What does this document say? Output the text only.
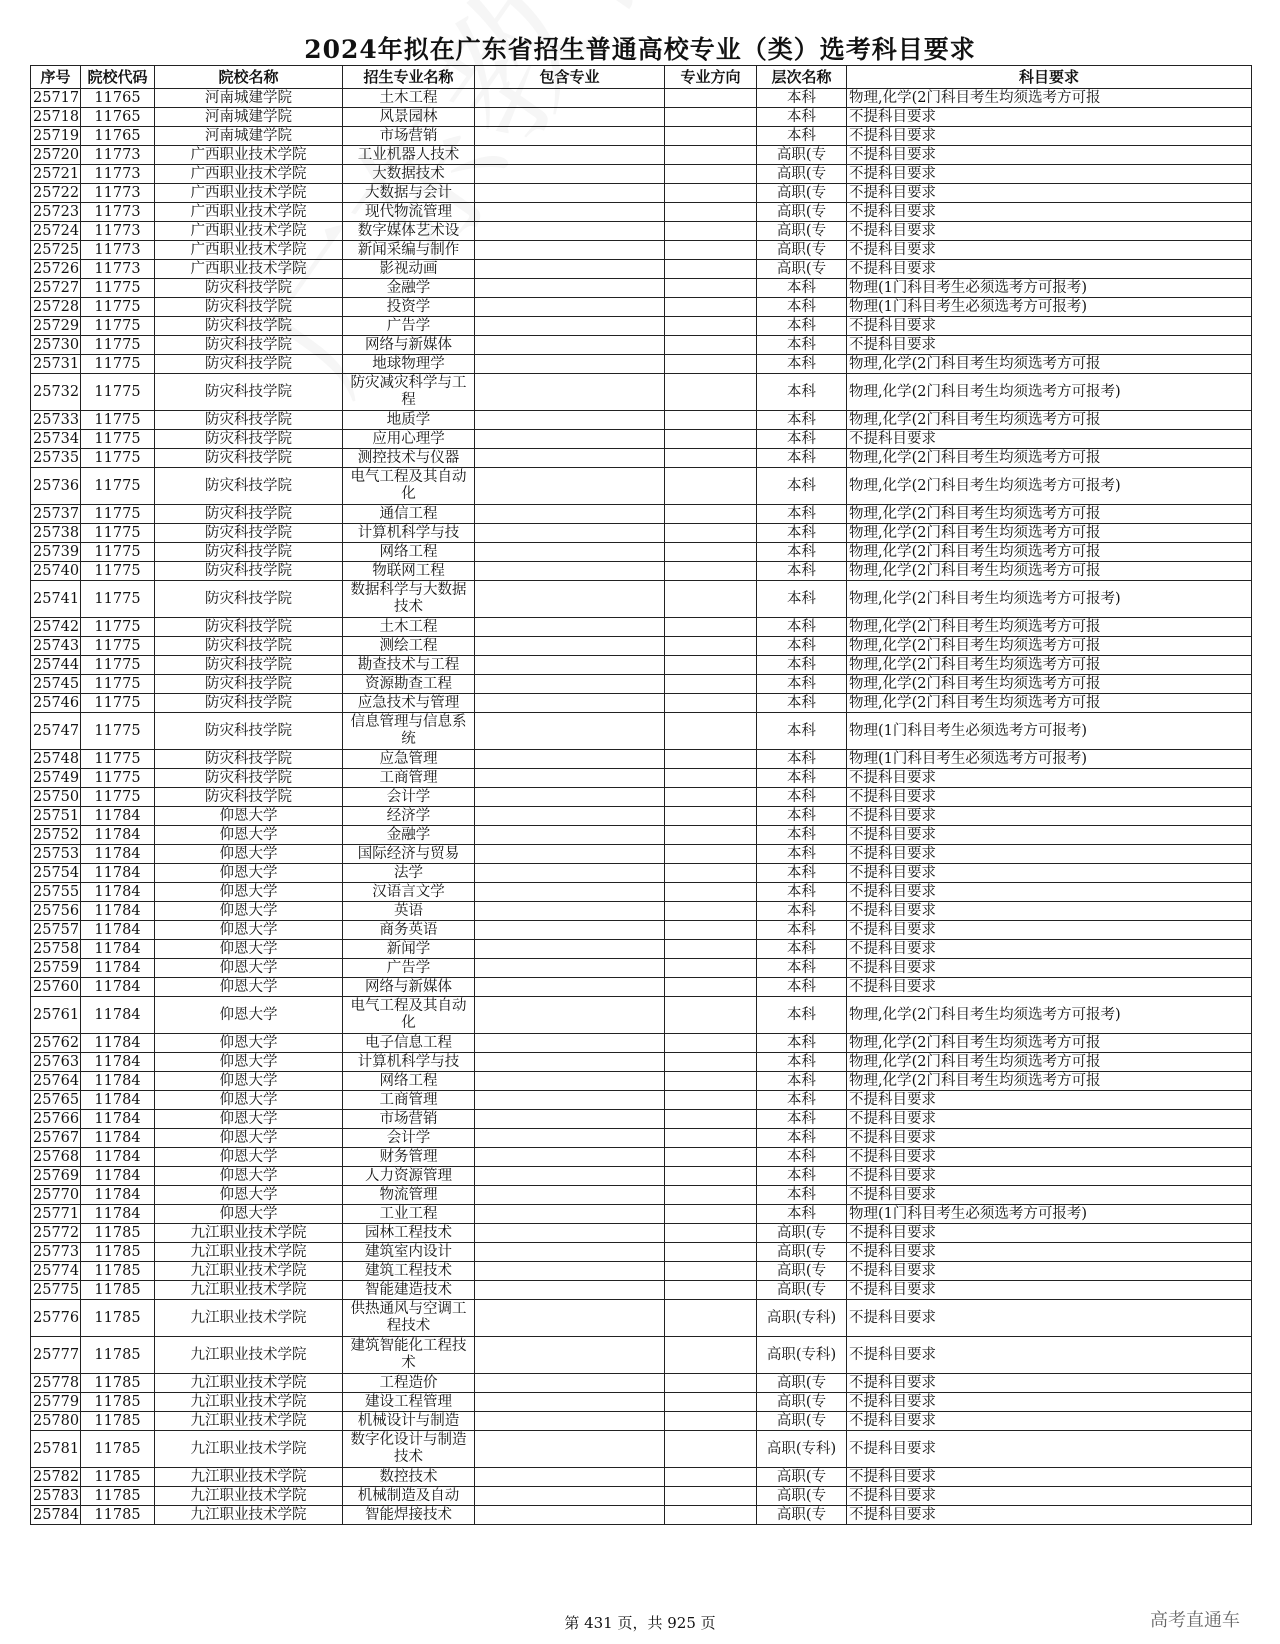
2024年拟在广东省招生普通高校专业（类）选考科目要求
序号	院校代码	院校名称	招生专业名称	包含专业	专业方向	层次名称	科目要求
25717	11765	河南城建学院	土木工程			本科	物理,化学(2门科目考生均须选考方可报
25718	11765	河南城建学院	风景园林			本科	不提科目要求
25719	11765	河南城建学院	市场营销			本科	不提科目要求
25720	11773	广西职业技术学院	工业机器人技术			高职(专	不提科目要求
25721	11773	广西职业技术学院	大数据技术			高职(专	不提科目要求
25722	11773	广西职业技术学院	大数据与会计			高职(专	不提科目要求
25723	11773	广西职业技术学院	现代物流管理			高职(专	不提科目要求
25724	11773	广西职业技术学院	数字媒体艺术设			高职(专	不提科目要求
25725	11773	广西职业技术学院	新闻采编与制作			高职(专	不提科目要求
25726	11773	广西职业技术学院	影视动画			高职(专	不提科目要求
25727	11775	防灾科技学院	金融学			本科	物理(1门科目考生必须选考方可报考)
25728	11775	防灾科技学院	投资学			本科	物理(1门科目考生必须选考方可报考)
25729	11775	防灾科技学院	广告学			本科	不提科目要求
25730	11775	防灾科技学院	网络与新媒体			本科	不提科目要求
25731	11775	防灾科技学院	地球物理学			本科	物理,化学(2门科目考生均须选考方可报
25732	11775	防灾科技学院	防灾减灾科学与工程			本科	物理,化学(2门科目考生均须选考方可报考)
25733	11775	防灾科技学院	地质学			本科	物理,化学(2门科目考生均须选考方可报
25734	11775	防灾科技学院	应用心理学			本科	不提科目要求
25735	11775	防灾科技学院	测控技术与仪器			本科	物理,化学(2门科目考生均须选考方可报
25736	11775	防灾科技学院	电气工程及其自动化			本科	物理,化学(2门科目考生均须选考方可报考)
25737	11775	防灾科技学院	通信工程			本科	物理,化学(2门科目考生均须选考方可报
25738	11775	防灾科技学院	计算机科学与技			本科	物理,化学(2门科目考生均须选考方可报
25739	11775	防灾科技学院	网络工程			本科	物理,化学(2门科目考生均须选考方可报
25740	11775	防灾科技学院	物联网工程			本科	物理,化学(2门科目考生均须选考方可报
25741	11775	防灾科技学院	数据科学与大数据技术			本科	物理,化学(2门科目考生均须选考方可报考)
25742	11775	防灾科技学院	土木工程			本科	物理,化学(2门科目考生均须选考方可报
25743	11775	防灾科技学院	测绘工程			本科	物理,化学(2门科目考生均须选考方可报
25744	11775	防灾科技学院	勘查技术与工程			本科	物理,化学(2门科目考生均须选考方可报
25745	11775	防灾科技学院	资源勘查工程			本科	物理,化学(2门科目考生均须选考方可报
25746	11775	防灾科技学院	应急技术与管理			本科	物理,化学(2门科目考生均须选考方可报
25747	11775	防灾科技学院	信息管理与信息系统			本科	物理(1门科目考生必须选考方可报考)
25748	11775	防灾科技学院	应急管理			本科	物理(1门科目考生必须选考方可报考)
25749	11775	防灾科技学院	工商管理			本科	不提科目要求
25750	11775	防灾科技学院	会计学			本科	不提科目要求
25751	11784	仰恩大学	经济学			本科	不提科目要求
25752	11784	仰恩大学	金融学			本科	不提科目要求
25753	11784	仰恩大学	国际经济与贸易			本科	不提科目要求
25754	11784	仰恩大学	法学			本科	不提科目要求
25755	11784	仰恩大学	汉语言文学			本科	不提科目要求
25756	11784	仰恩大学	英语			本科	不提科目要求
25757	11784	仰恩大学	商务英语			本科	不提科目要求
25758	11784	仰恩大学	新闻学			本科	不提科目要求
25759	11784	仰恩大学	广告学			本科	不提科目要求
25760	11784	仰恩大学	网络与新媒体			本科	不提科目要求
25761	11784	仰恩大学	电气工程及其自动化			本科	物理,化学(2门科目考生均须选考方可报考)
25762	11784	仰恩大学	电子信息工程			本科	物理,化学(2门科目考生均须选考方可报
25763	11784	仰恩大学	计算机科学与技			本科	物理,化学(2门科目考生均须选考方可报
25764	11784	仰恩大学	网络工程			本科	物理,化学(2门科目考生均须选考方可报
25765	11784	仰恩大学	工商管理			本科	不提科目要求
25766	11784	仰恩大学	市场营销			本科	不提科目要求
25767	11784	仰恩大学	会计学			本科	不提科目要求
25768	11784	仰恩大学	财务管理			本科	不提科目要求
25769	11784	仰恩大学	人力资源管理			本科	不提科目要求
25770	11784	仰恩大学	物流管理			本科	不提科目要求
25771	11784	仰恩大学	工业工程			本科	物理(1门科目考生必须选考方可报考)
25772	11785	九江职业技术学院	园林工程技术			高职(专	不提科目要求
25773	11785	九江职业技术学院	建筑室内设计			高职(专	不提科目要求
25774	11785	九江职业技术学院	建筑工程技术			高职(专	不提科目要求
25775	11785	九江职业技术学院	智能建造技术			高职(专	不提科目要求
25776	11785	九江职业技术学院	供热通风与空调工程技术			高职(专科)	不提科目要求
25777	11785	九江职业技术学院	建筑智能化工程技术			高职(专科)	不提科目要求
25778	11785	九江职业技术学院	工程造价			高职(专	不提科目要求
25779	11785	九江职业技术学院	建设工程管理			高职(专	不提科目要求
25780	11785	九江职业技术学院	机械设计与制造			高职(专	不提科目要求
25781	11785	九江职业技术学院	数字化设计与制造技术			高职(专科)	不提科目要求
25782	11785	九江职业技术学院	数控技术			高职(专	不提科目要求
25783	11785	九江职业技术学院	机械制造及自动			高职(专	不提科目要求
25784	11785	九江职业技术学院	智能焊接技术			高职(专	不提科目要求
第 431 页，共 925 页	高考直通车
